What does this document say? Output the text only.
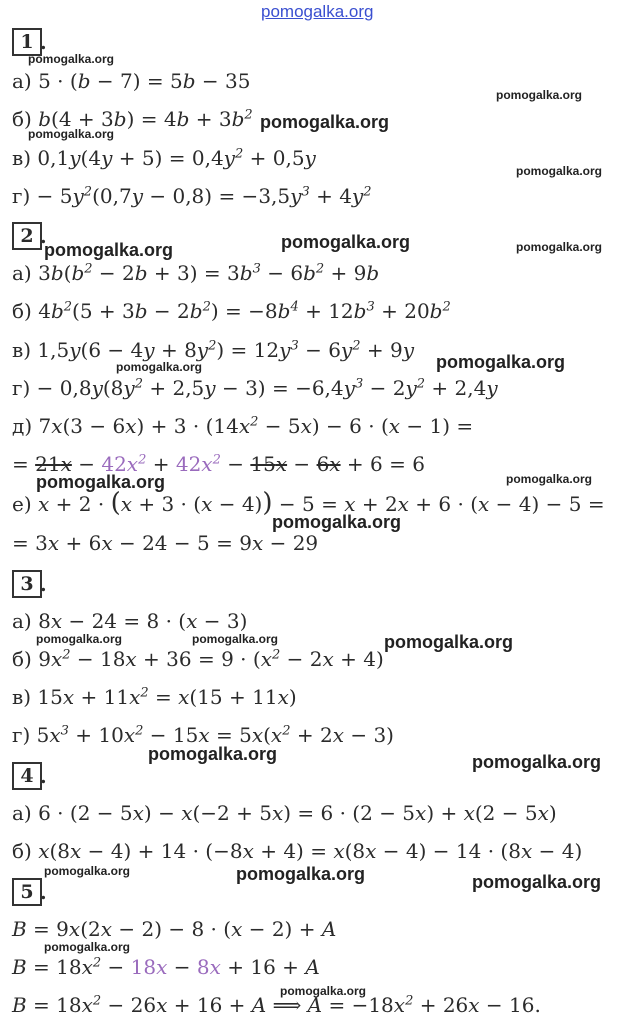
pomogalka.org
1 .
а) 5 · (b − 7) = 5b − 35
б) $b(4 + 3b) = 4b + 3b^2$
в) $0,1y(4y + 5) = 0,4y^2 + 0,5y$
$г) - 5y^2(0,7y - 0,8) = -3,5y^3 + 4y^2$
2 .
а) $3b(b^2 - 2b + 3) = 3b^3 - 6b^2 + 9b$
б) $4b^2(5 + 3b - 2b^2) = -8b^4 + 12b^3 + 20b^2$
в) $1,5y(6 - 4y + 8y^2) = 12y^3 - 6y^2 + 9y$
$г) - 0,8y(8y^2 + 2,5y - 3) = -6,4y^3 - 2y^2 + 2,4y$
д) $7x(3 - 6x) + 3 \cdot (14x^2 - 5x) - 6 \cdot (x - 1)$ =
= $21x - 42x^2 + 42x^2 - 15x - 6x + 6 = 6$
е) x + 2 · (x + 3 · (x − 4)) − 5 = x + 2x + 6 · (x − 4) − 5 =
= 3x + 6x − 24 − 5 = 9x − 29
3 .
а) 8x − 24 = 8 · (x − 3)
б) $9x^2 - 18x + 36 = 9 \cdot (x^2 - 2x + 4)$
в) $15x + 11x^2 = x(15 + 11x)$
г) $5x^3 + 10x^2 - 15x = 5x(x^2 + 2x - 3)$
4 .
а) 6 · (2 − 5x) − x(−2 + 5x) = 6 · (2 − 5x) + x(2 − 5x)
б) x(8x − 4) + 14 · (−8x + 4) = x(8x − 4) − 14 · (8x − 4)
5 .
B = 9x(2x − 2) − 8 · (x − 2) + A
$B = 18x^2 - 18x - 8x + 16 + A$
$B = 18x^2 - 26x + 16 + A$ ⟹ $A = -18x^2 + 26x - 16$.
pomogalka.org
pomogalka.org
pomogalka.org
pomogalka.org
pomogalka.org
pomogalka.org	pomogalka.org	pomogalka.org
pomogalka.org
pomogalka.org
pomogalka.org
pomogalka.org
pomogalka.org
pomogalka.org	pomogalka.org	pomogalka.org
pomogalka.org	pomogalka.org
pomogalka.org	pomogalka.org	pomogalka.org
pomogalka.org
pomogalka.org
